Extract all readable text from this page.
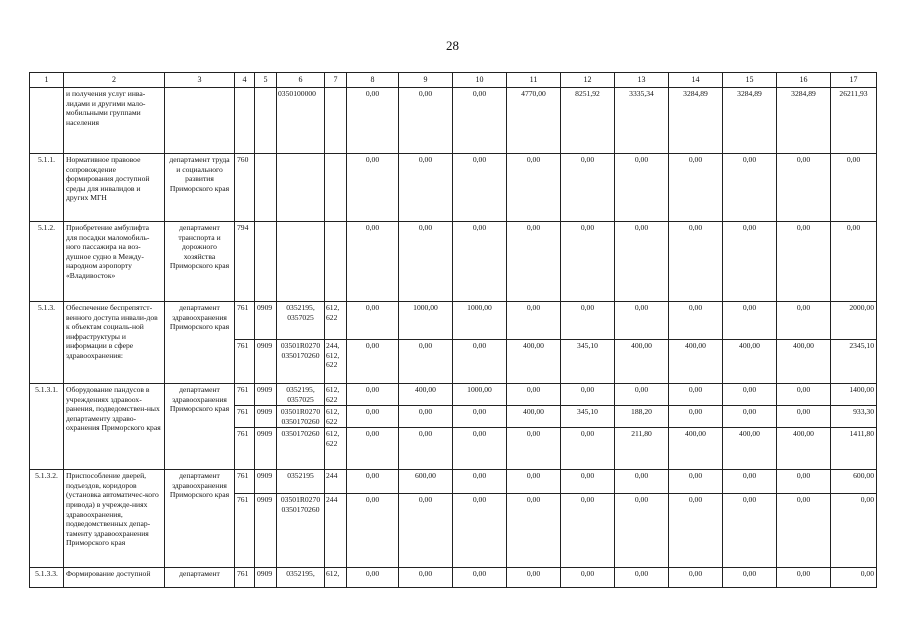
28
1	2	3	4	5	6	7	8	9	10	11	12	13	14	15	16	17
	и получения услуг инва-лидами и другими мало-мобильными группами населения				0350100000		0,00	0,00	0,00	4770,00	8251,92	3335,34	3284,89	3284,89	3284,89	26211,93
5.1.1.	Нормативное правовое сопровождение формирования доступной среды для инвалидов и других МГН	департамент труда и социального развития Приморского края	760				0,00	0,00	0,00	0,00	0,00	0,00	0,00	0,00	0,00	0,00
5.1.2.	Приобретение амбулифта для посадки маломобиль-ного пассажира на воз-душное судно в Между-народном аэропорту «Владивосток»	департамент транспорта и дорожного хозяйства Приморского края	794				0,00	0,00	0,00	0,00	0,00	0,00	0,00	0,00	0,00	0,00
5.1.3.	Обеспечение беспрепятст-венного доступа инвали-дов к объектам социаль-ной инфраструктуры и информации в сфере здравоохранения:	департамент здравоохранения Приморского края	761	0909	0352195, 0357025	612, 622	0,00	1000,00	1000,00	0,00	0,00	0,00	0,00	0,00	0,00	2000,00
			761	0909	03501R0270 0350170260	244, 612, 622	0,00	0,00	0,00	400,00	345,10	400,00	400,00	400,00	400,00	2345,10
5.1.3.1.	Оборудование пандусов в учреждениях здравоох-ранения, подведомствен-ных департаменту здраво-охранения Приморского края	департамент здравоохранения Приморского края	761	0909	0352195, 0357025	612, 622	0,00	400,00	1000,00	0,00	0,00	0,00	0,00	0,00	0,00	1400,00
			761	0909	03501R0270 0350170260	612, 622	0,00	0,00	0,00	400,00	345,10	188,20	0,00	0,00	0,00	933,30
			761	0909	0350170260	612, 622	0,00	0,00	0,00	0,00	0,00	211,80	400,00	400,00	400,00	1411,80
5.1.3.2.	Приспособление дверей, подъездов, коридоров (установка автоматичес-кого привода) в учрежде-ниях здравоохранения, подведомственных депар-таменту здравоохранения Приморского края	департамент здравоохранения Приморского края	761	0909	0352195	244	0,00	600,00	0,00	0,00	0,00	0,00	0,00	0,00	0,00	600,00
			761	0909	03501R0270 0350170260	244	0,00	0,00	0,00	0,00	0,00	0,00	0,00	0,00	0,00	0,00
5.1.3.3.	Формирование доступной	департамент	761	0909	0352195,	612,	0,00	0,00	0,00	0,00	0,00	0,00	0,00	0,00	0,00	0,00
